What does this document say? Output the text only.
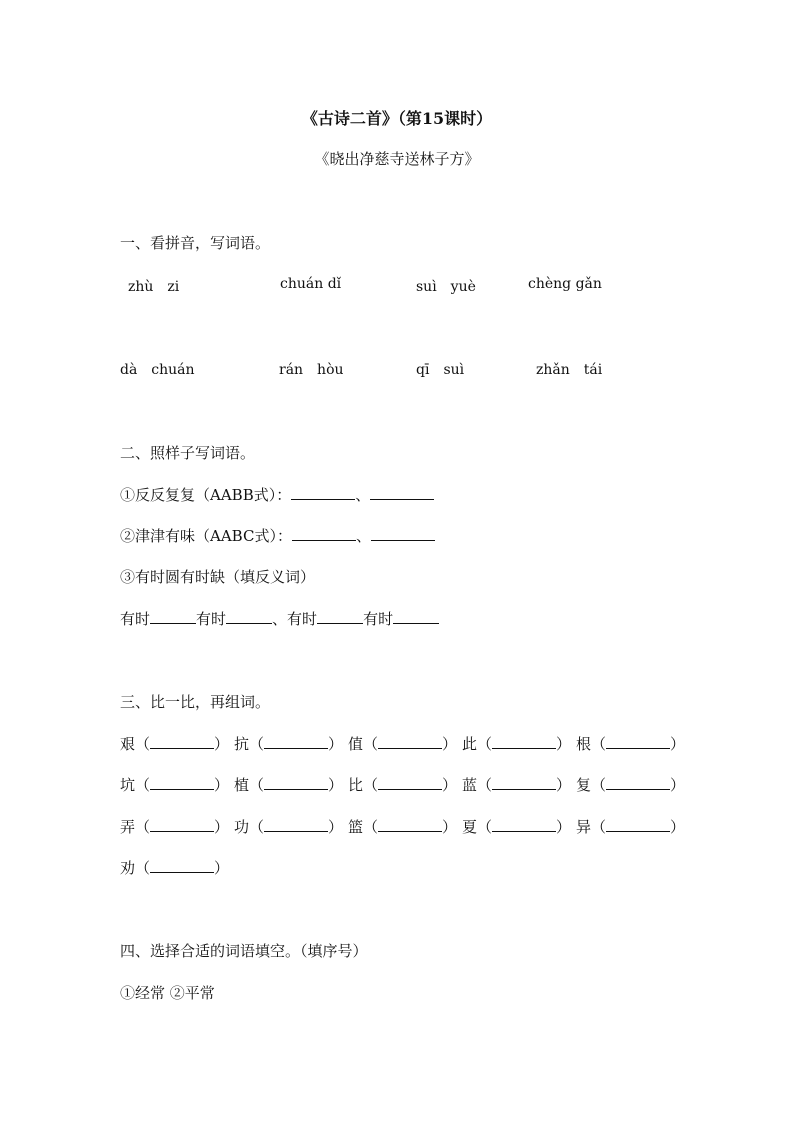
《古诗二首》（第15课时）
《晓出净慈寺送林子方》
一、看拼音，写词语。
zhù　zi	chuán dǐ	suì　yuè	chèng gǎn
dà　chuán	rán　hòu	qī　suì	zhǎn　tái
二、照样子写词语。
①反反复复（AABB式）：	、
②津津有味（AABC式）：	、
③有时圆有时缺（填反义词）
有时	有时	、有时	有时
三、比一比，再组词。
艰（	） 抗（	） 值（	） 此（	） 根（	）
坑（	） 植（	） 比（	） 蓝（	） 复（	）
弄（	） 功（	） 篮（	） 夏（	） 异（	）
劝（	）
四、选择合适的词语填空。（填序号）
①经常 ②平常
